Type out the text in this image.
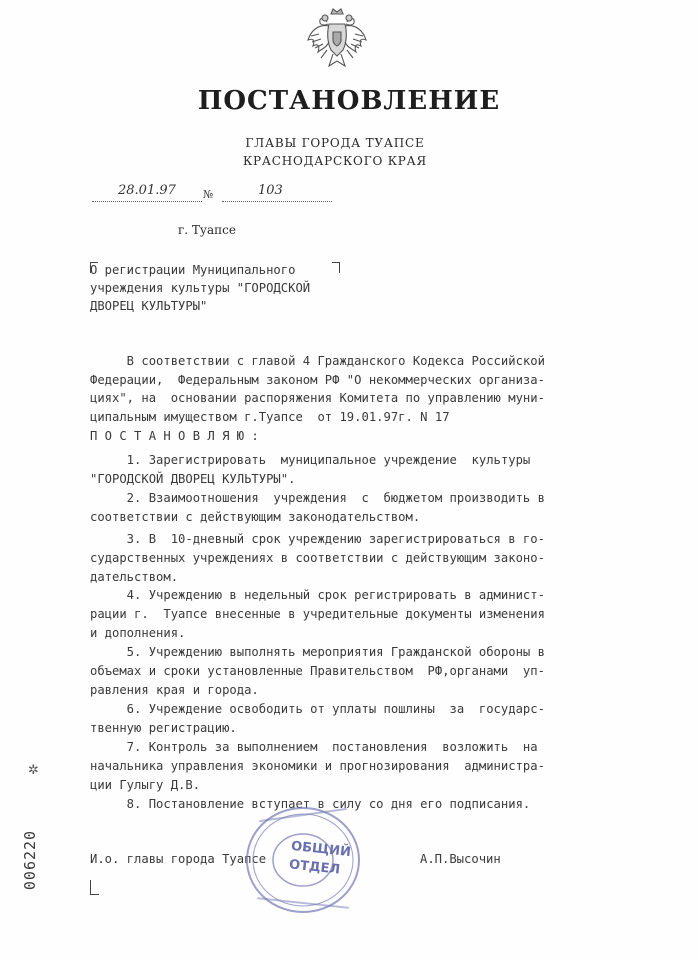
ПОСТАНОВЛЕНИЕ
ГЛАВЫ ГОРОДА ТУАПСЕ
КРАСНОДАРСКОГО КРАЯ
28.01.97 №	103
г. Туапсе
О регистрации Муниципального
учреждения культуры "ГОРОДСКОЙ
ДВОРЕЦ КУЛЬТУРЫ"
В соответствии с главой 4 Гражданского Кодекса Российской
Федерации,  Федеральным законом РФ "О некоммерческих организа-
циях", на  основании распоряжения Комитета по управлению муни-
ципальным имуществом г.Туапсе  от 19.01.97г. N 17
П О С Т А Н О В Л Я Ю :
1. Зарегистрировать  муниципальное учреждение  культуры
"ГОРОДСКОЙ ДВОРЕЦ КУЛЬТУРЫ".
2. Взаимоотношения  учреждения  с  бюджетом производить в
соответствии с действующим законодательством.
3. В  10-дневный срок учреждению зарегистрироваться в го-
сударственных учреждениях в соответствии с действующим законо-
дательством.
4. Учреждению в недельный срок регистрировать в админист-
рации г.  Туапсе внесенные в учредительные документы изменения
и дополнения.
5. Учреждению выполнять мероприятия Гражданской обороны в
объемах и сроки установленные Правительством  РФ,органами  уп-
равления края и города.
6. Учреждение освободить от уплаты пошлины  за  государс-
твенную регистрацию.
7. Контроль за выполнением  постановления  возложить  на
начальника управления экономики и прогнозирования  администра-
ции Гулыгу Д.В.
8. Постановление вступает в силу со дня его подписания.
И.о. главы города Туапсе	А.П.Высочин
ОБЩИЙ
ОТДЕЛ
✲
006220
